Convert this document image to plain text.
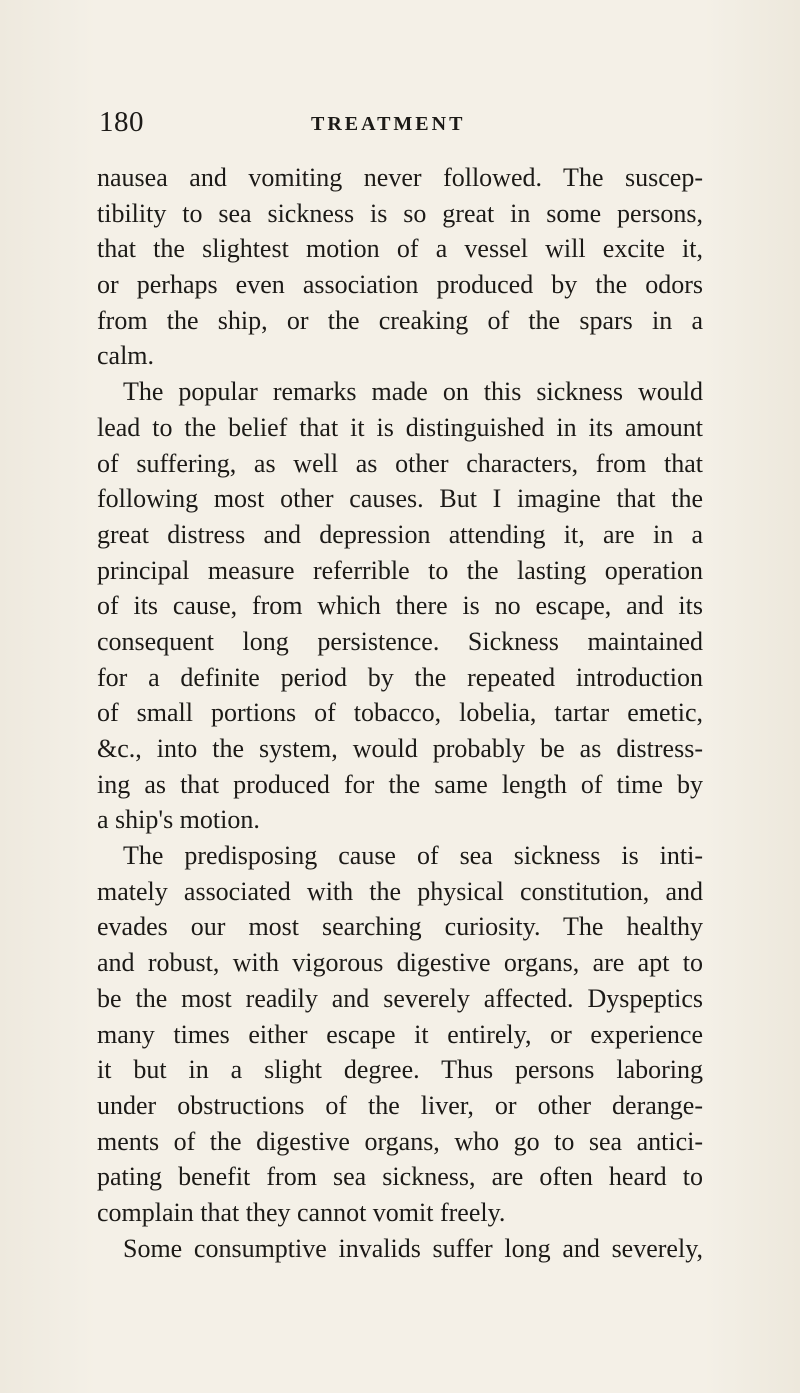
180	TREATMENT
nausea and vomiting never followed. The suscep-
tibility to sea sickness is so great in some persons,
that the slightest motion of a vessel will excite it,
or perhaps even association produced by the odors
from the ship, or the creaking of the spars in a
calm.
The popular remarks made on this sickness would
lead to the belief that it is distinguished in its amount
of suffering, as well as other characters, from that
following most other causes. But I imagine that the
great distress and depression attending it, are in a
principal measure referrible to the lasting operation
of its cause, from which there is no escape, and its
consequent long persistence. Sickness maintained
for a definite period by the repeated introduction
of small portions of tobacco, lobelia, tartar emetic,
&c., into the system, would probably be as distress-
ing as that produced for the same length of time by
a ship's motion.
The predisposing cause of sea sickness is inti-
mately associated with the physical constitution, and
evades our most searching curiosity. The healthy
and robust, with vigorous digestive organs, are apt to
be the most readily and severely affected. Dyspeptics
many times either escape it entirely, or experience
it but in a slight degree. Thus persons laboring
under obstructions of the liver, or other derange-
ments of the digestive organs, who go to sea antici-
pating benefit from sea sickness, are often heard to
complain that they cannot vomit freely.
Some consumptive invalids suffer long and severely,
